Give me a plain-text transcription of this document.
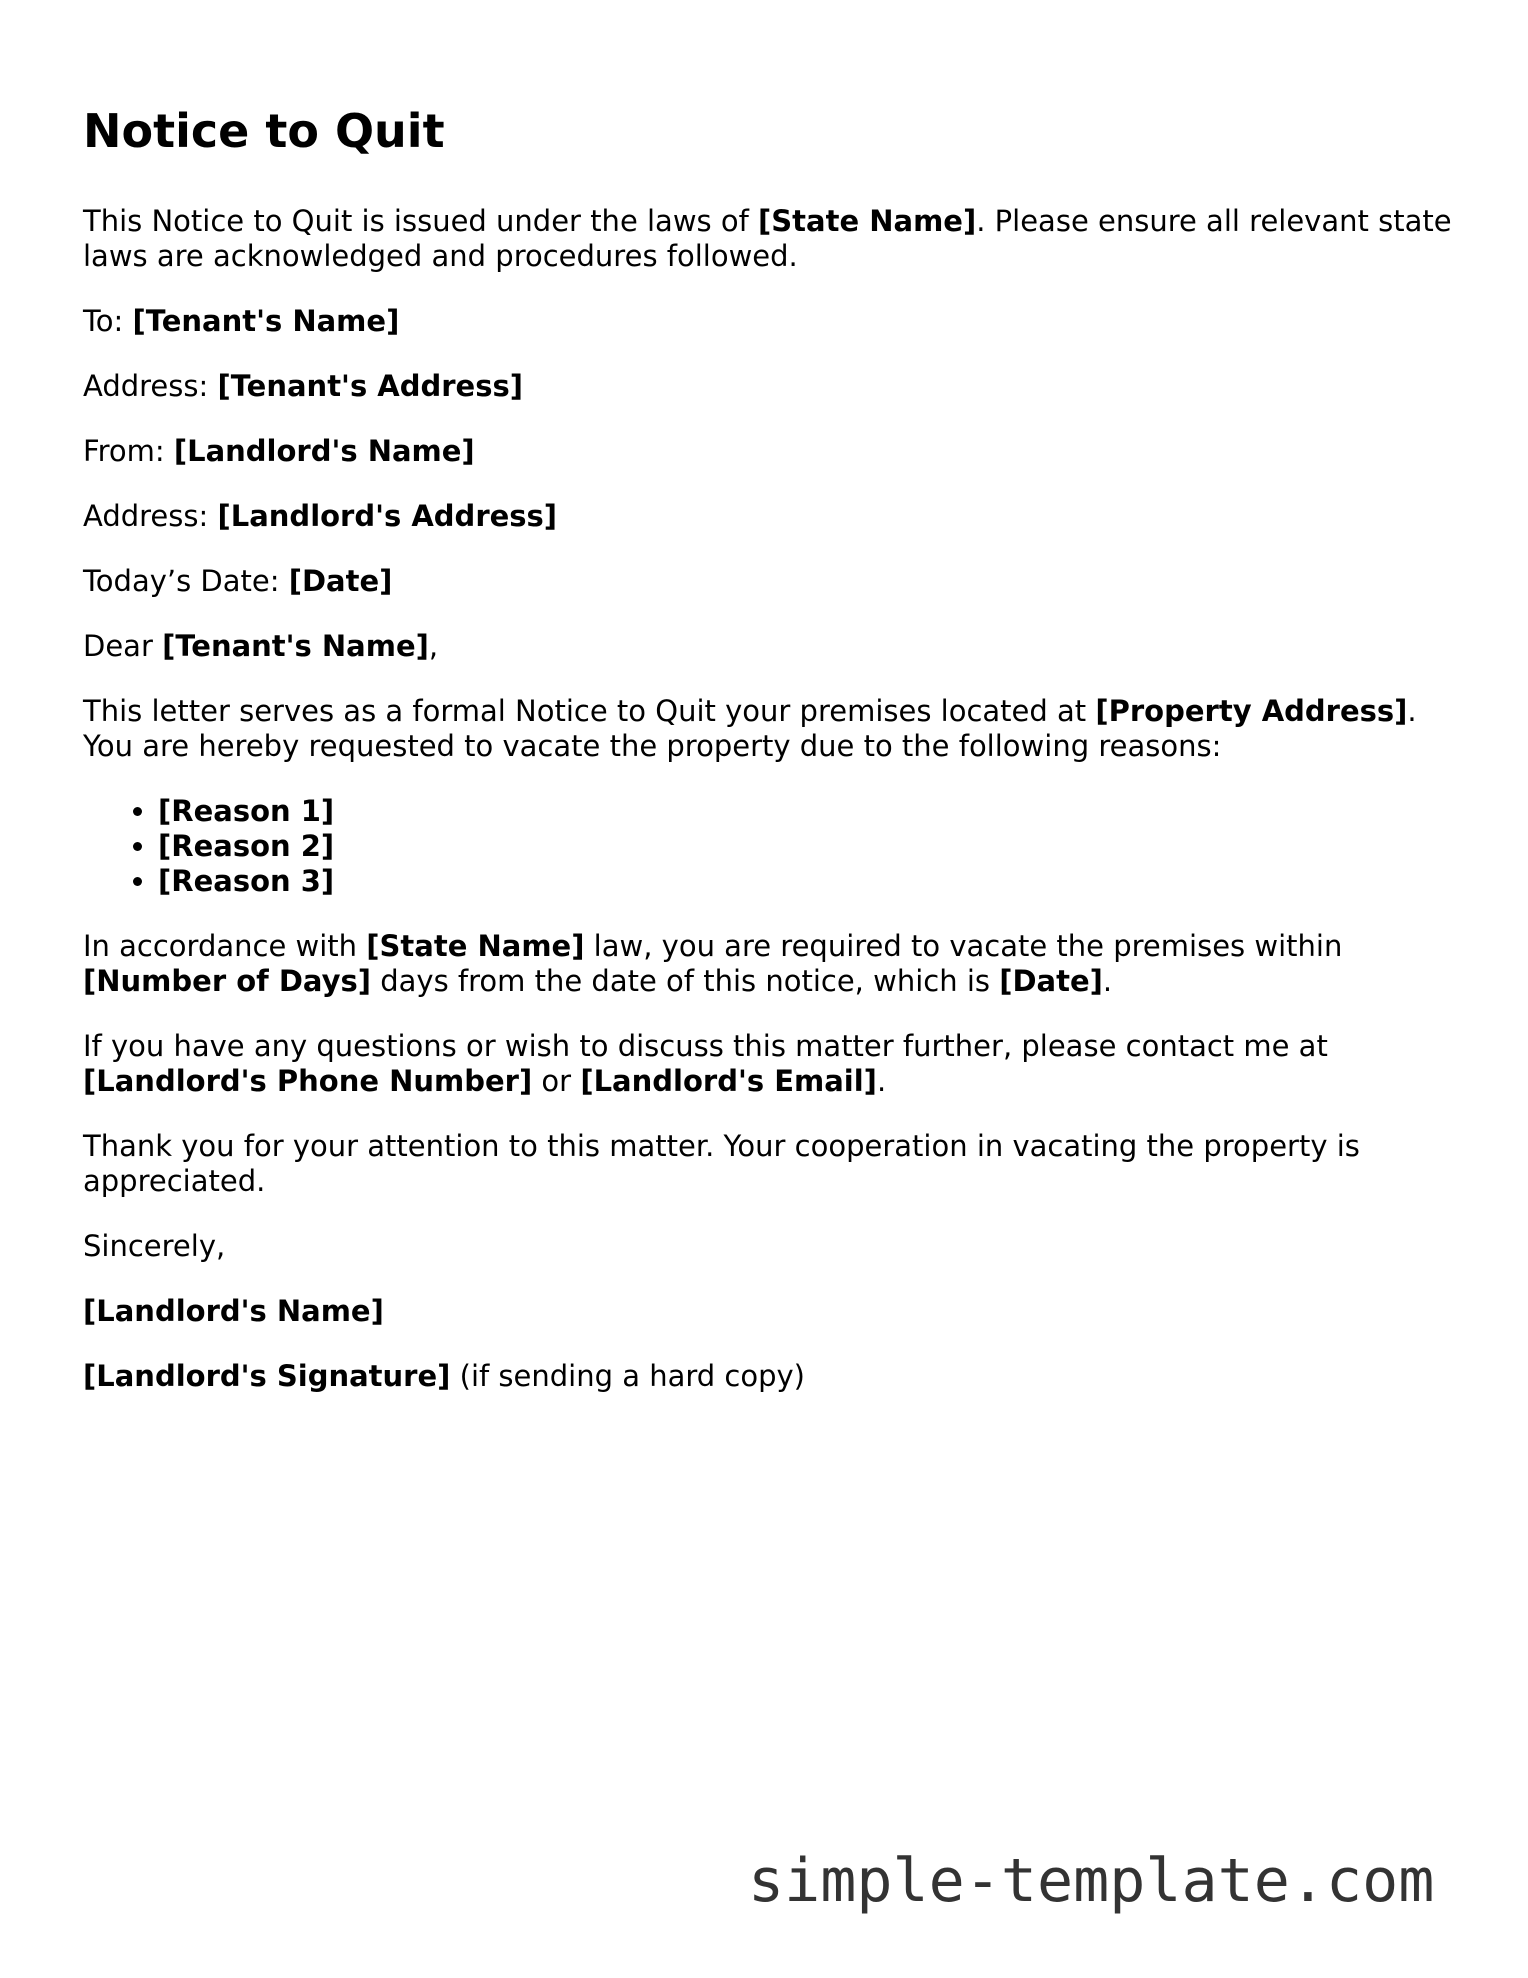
Notice to Quit

This Notice to Quit is issued under the laws of [State Name]. Please ensure all relevant state laws are acknowledged and procedures followed.

To: [Tenant's Name]

Address: [Tenant's Address]

From: [Landlord's Name]

Address: [Landlord's Address]

Today’s Date: [Date]

Dear [Tenant's Name],

This letter serves as a formal Notice to Quit your premises located at [Property Address]. You are hereby requested to vacate the property due to the following reasons:

• [Reason 1]
• [Reason 2]
• [Reason 3]

In accordance with [State Name] law, you are required to vacate the premises within [Number of Days] days from the date of this notice, which is [Date].

If you have any questions or wish to discuss this matter further, please contact me at [Landlord's Phone Number] or [Landlord's Email].

Thank you for your attention to this matter. Your cooperation in vacating the property is appreciated.

Sincerely,

[Landlord's Name]

[Landlord's Signature] (if sending a hard copy)

simple-template.com
